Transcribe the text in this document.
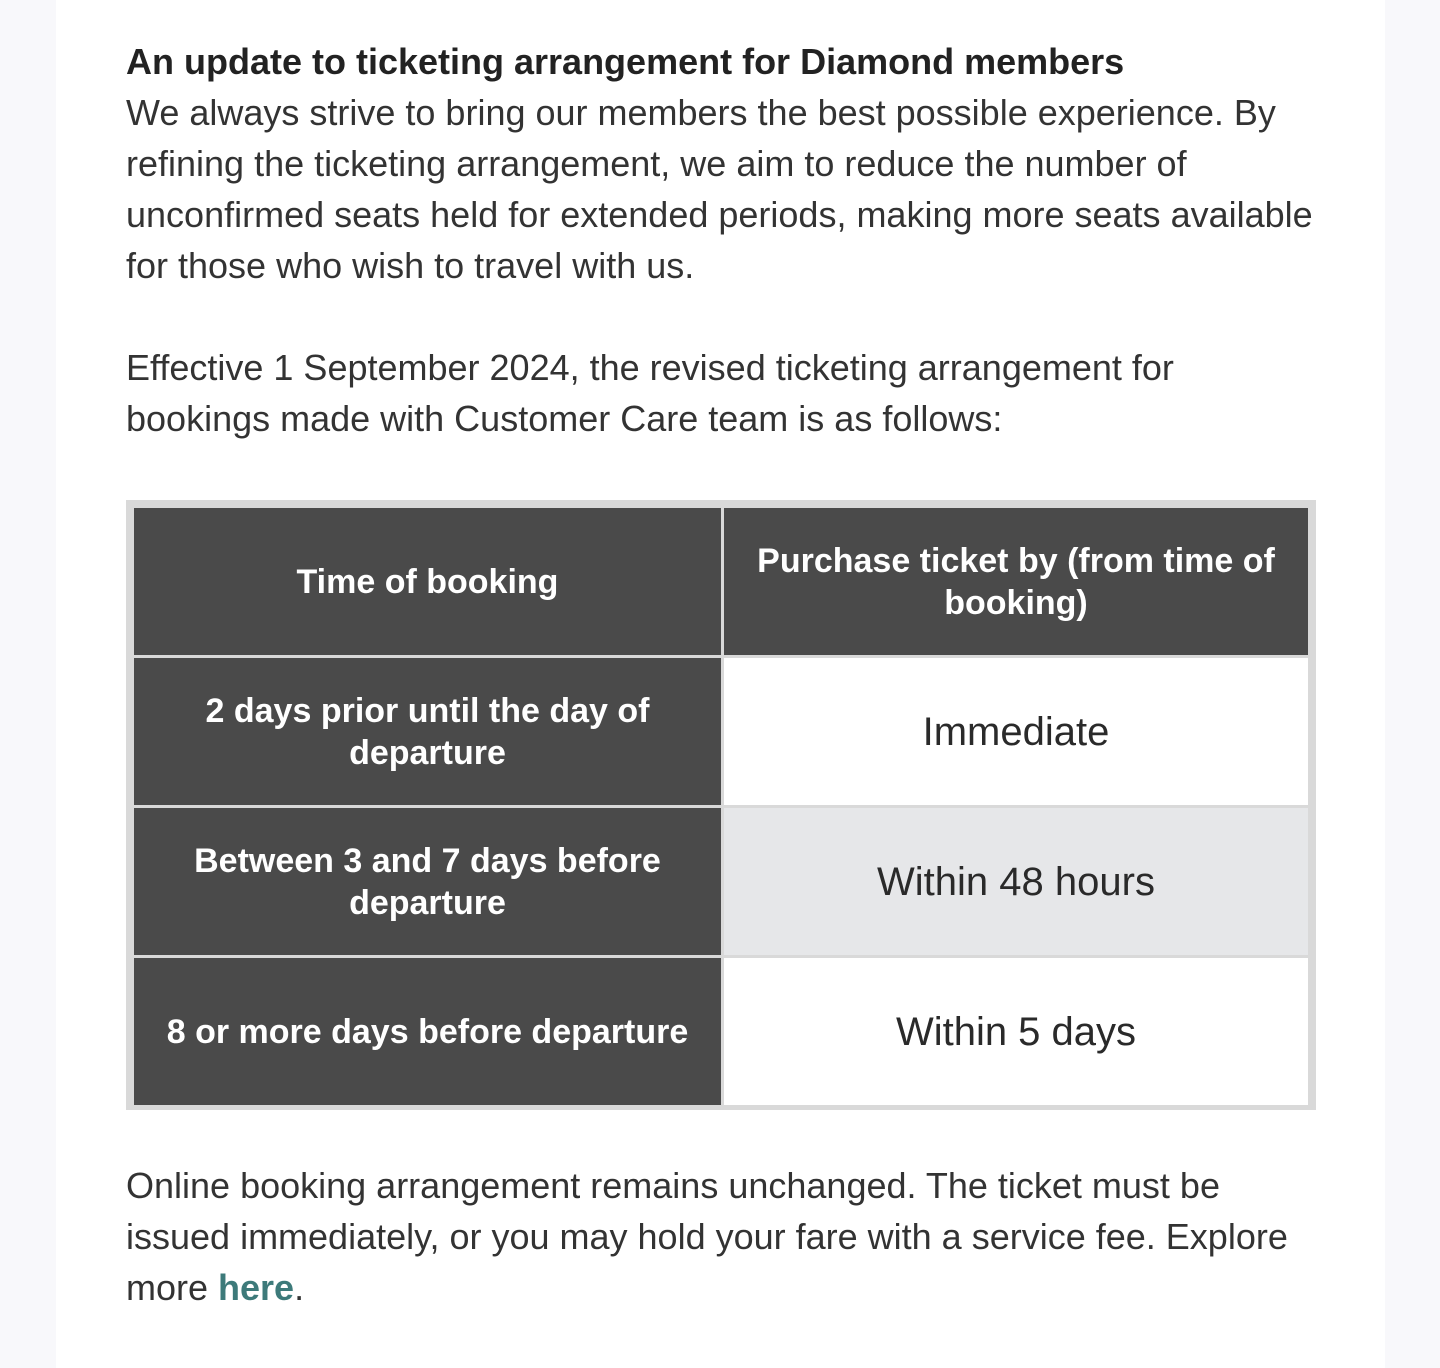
An update to ticketing arrangement for Diamond members

We always strive to bring our members the best possible experience. By refining the ticketing arrangement, we aim to reduce the number of unconfirmed seats held for extended periods, making more seats available for those who wish to travel with us.

Effective 1 September 2024, the revised ticketing arrangement for bookings made with Customer Care team is as follows:

Time of booking	Purchase ticket by (from time of booking)
2 days prior until the day of departure	Immediate
Between 3 and 7 days before departure	Within 48 hours
8 or more days before departure	Within 5 days

Online booking arrangement remains unchanged. The ticket must be issued immediately, or you may hold your fare with a service fee. Explore more here.
